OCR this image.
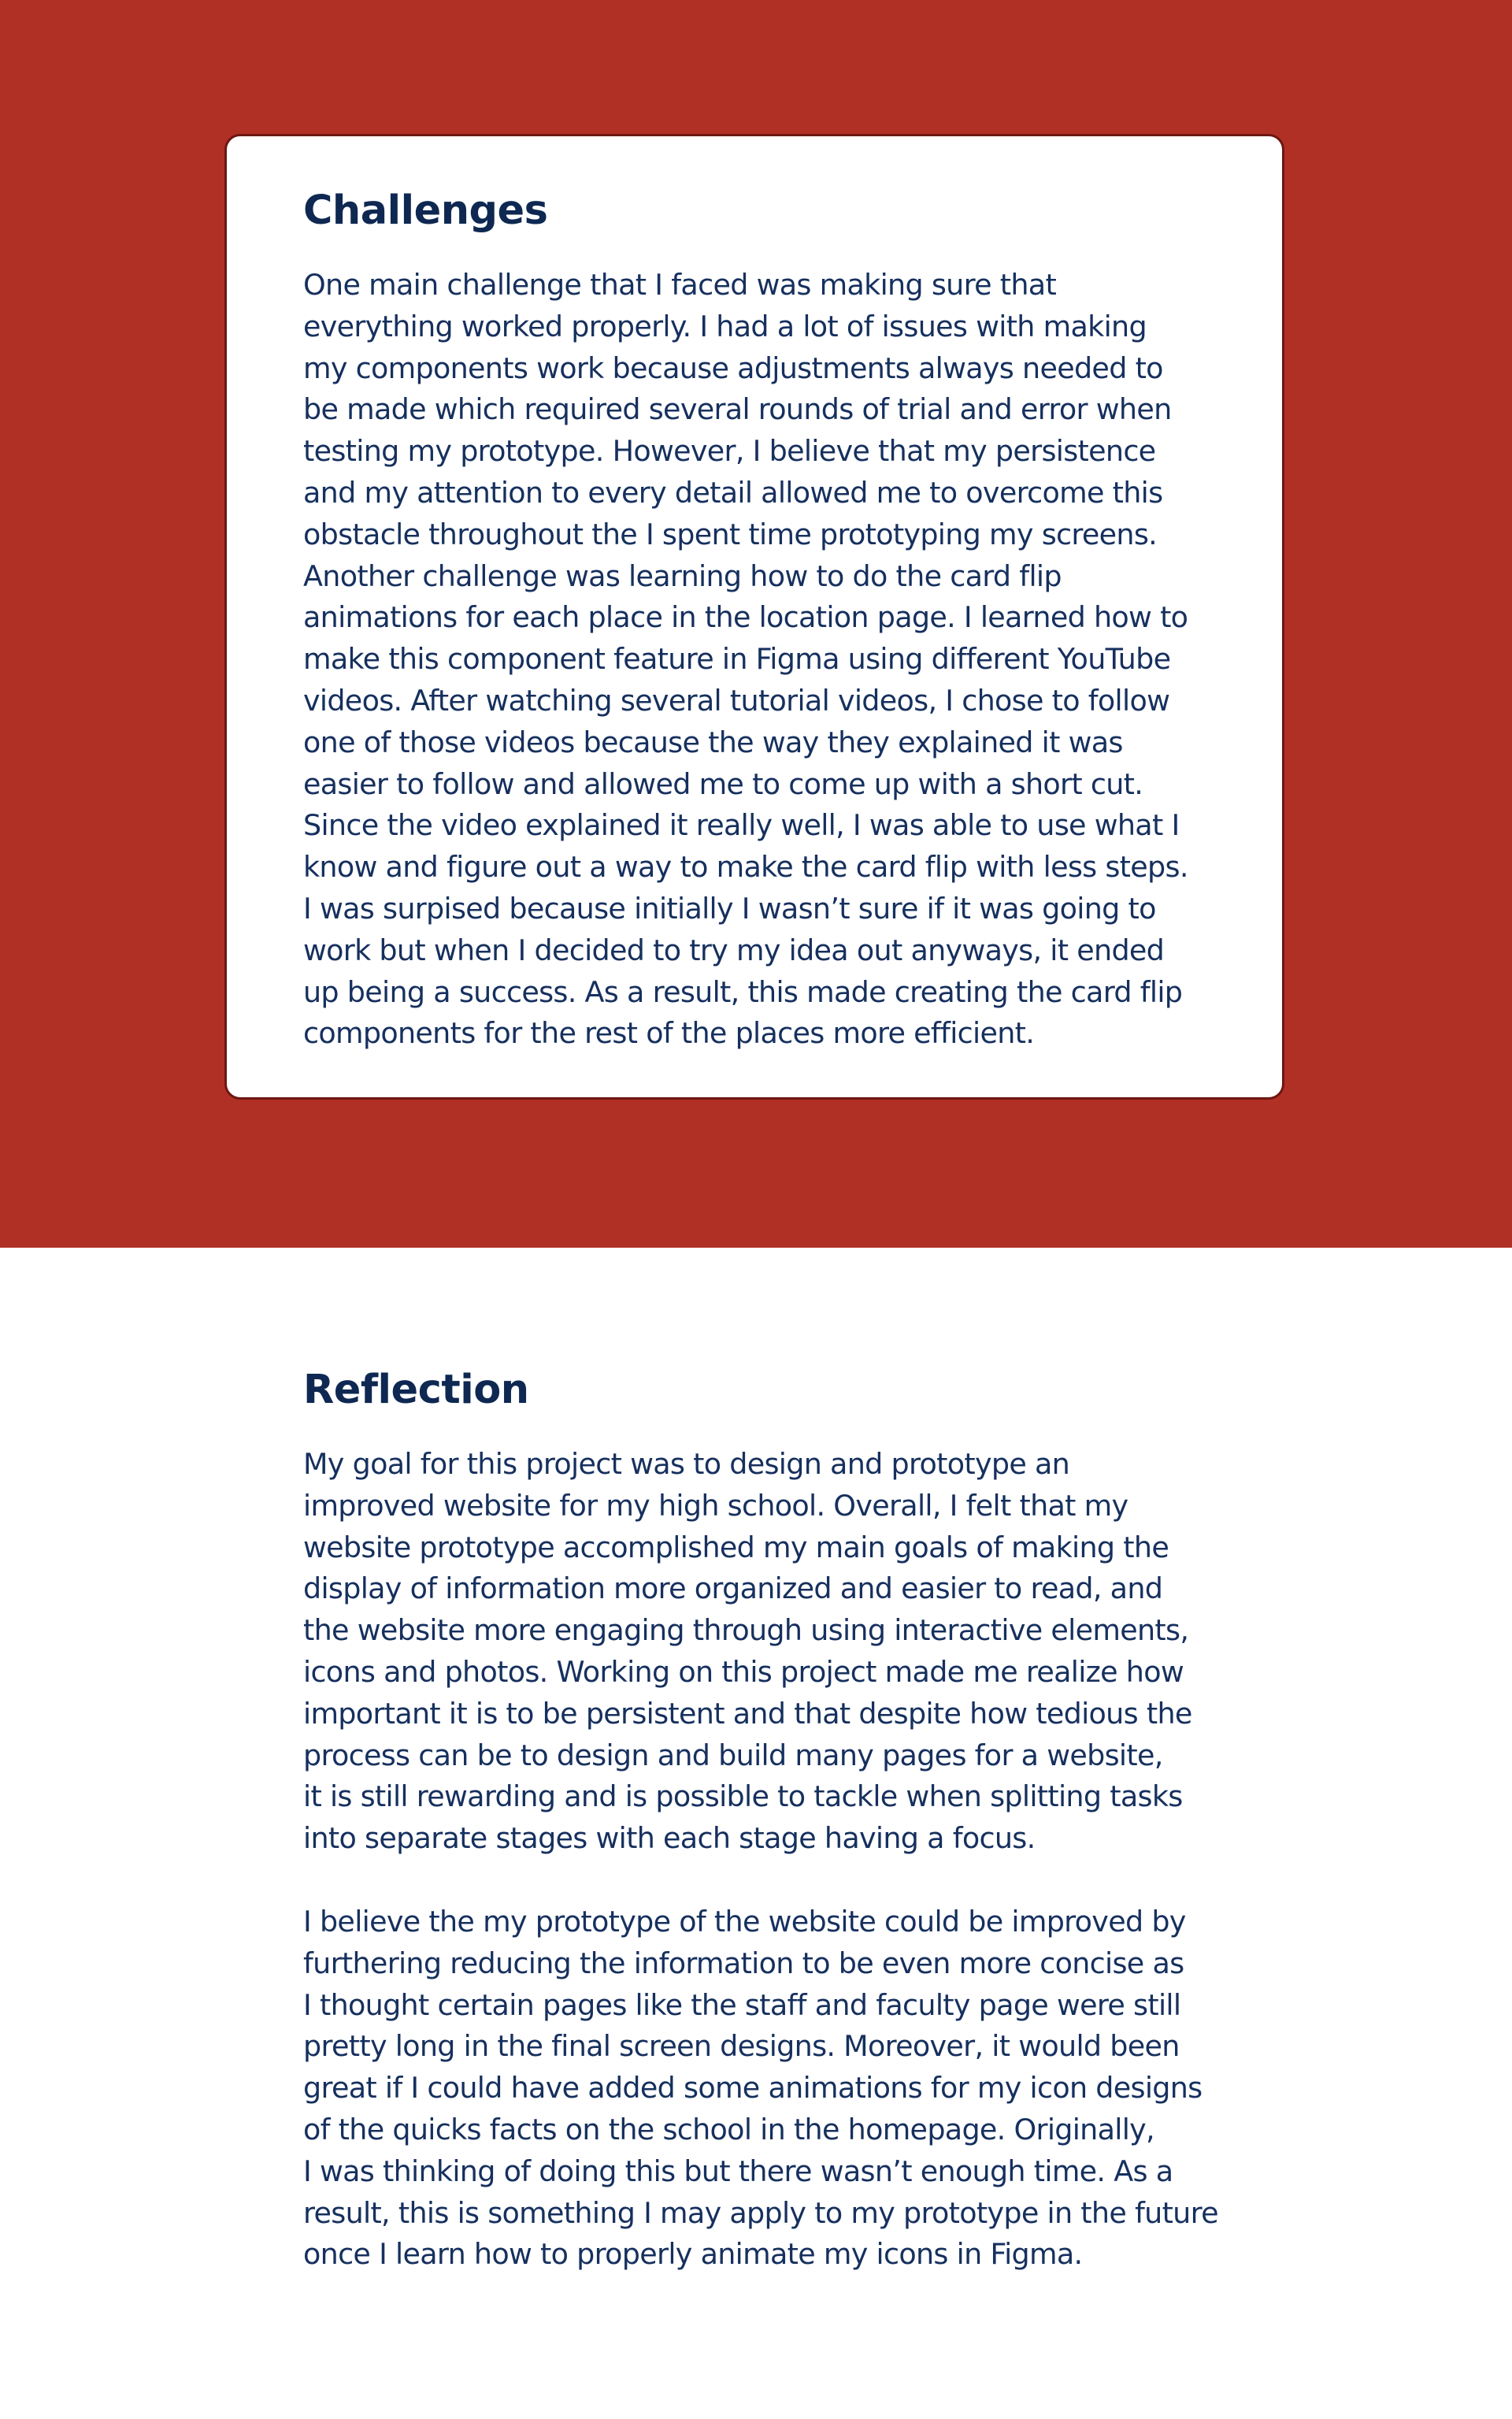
Challenges

One main challenge that I faced was making sure that
everything worked properly. I had a lot of issues with making
my components work because adjustments always needed to
be made which required several rounds of trial and error when
testing my prototype. However, I believe that my persistence
and my attention to every detail allowed me to overcome this
obstacle throughout the I spent time prototyping my screens.
Another challenge was learning how to do the card flip
animations for each place in the location page. I learned how to
make this component feature in Figma using different YouTube
videos. After watching several tutorial videos, I chose to follow
one of those videos because the way they explained it was
easier to follow and allowed me to come up with a short cut.
Since the video explained it really well, I was able to use what I
know and figure out a way to make the card flip with less steps.
I was surpised because initially I wasn’t sure if it was going to
work but when I decided to try my idea out anyways, it ended
up being a success. As a result, this made creating the card flip
components for the rest of the places more efficient.

Reflection

My goal for this project was to design and prototype an
improved website for my high school. Overall, I felt that my
website prototype accomplished my main goals of making the
display of information more organized and easier to read, and
the website more engaging through using interactive elements,
icons and photos. Working on this project made me realize how
important it is to be persistent and that despite how tedious the
process can be to design and build many pages for a website,
it is still rewarding and is possible to tackle when splitting tasks
into separate stages with each stage having a focus.

I believe the my prototype of the website could be improved by
furthering reducing the information to be even more concise as
I thought certain pages like the staff and faculty page were still
pretty long in the final screen designs. Moreover, it would been
great if I could have added some animations for my icon designs
of the quicks facts on the school in the homepage. Originally,
I was thinking of doing this but there wasn’t enough time. As a
result, this is something I may apply to my prototype in the future
once I learn how to properly animate my icons in Figma.
